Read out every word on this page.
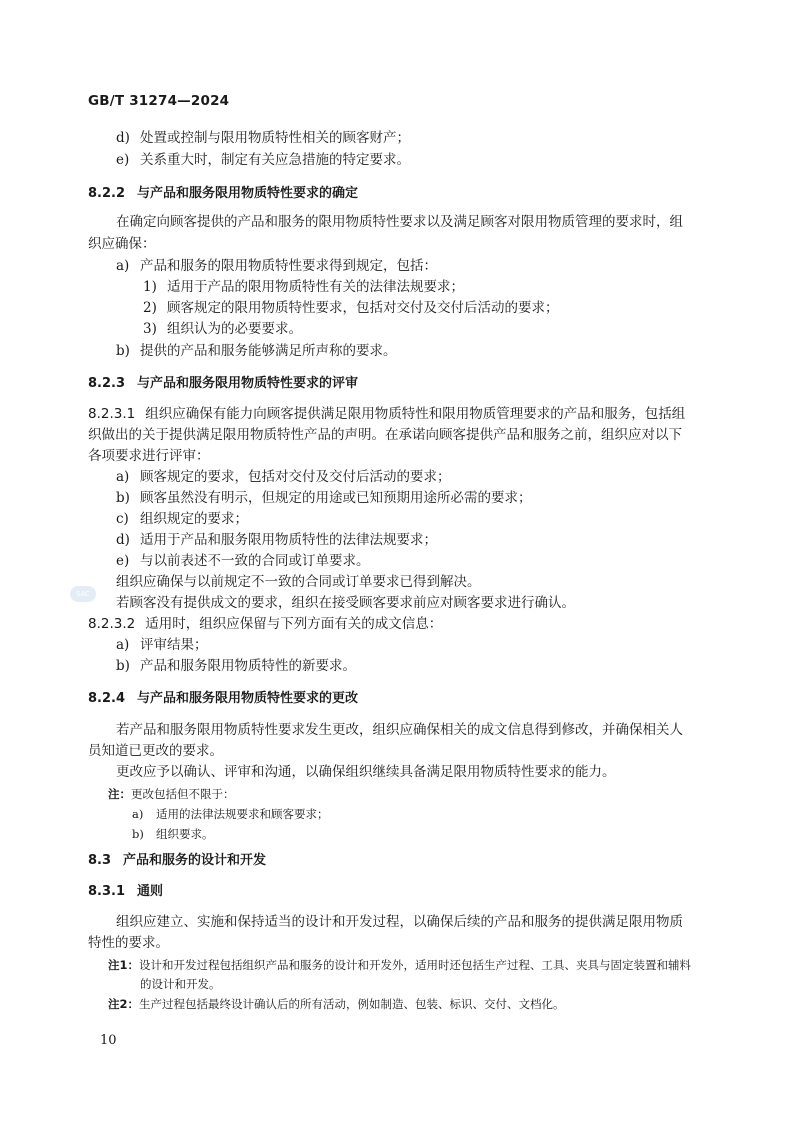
GB/T 31274—2024
d) 处置或控制与限用物质特性相关的顾客财产；
e) 关系重大时，制定有关应急措施的特定要求。
8.2.2 与产品和服务限用物质特性要求的确定
在确定向顾客提供的产品和服务的限用物质特性要求以及满足顾客对限用物质管理的要求时，组
织应确保：
a) 产品和服务的限用物质特性要求得到规定，包括：
1) 适用于产品的限用物质特性有关的法律法规要求；
2) 顾客规定的限用物质特性要求，包括对交付及交付后活动的要求；
3) 组织认为的必要要求。
b) 提供的产品和服务能够满足所声称的要求。
8.2.3 与产品和服务限用物质特性要求的评审
8.2.3.1 组织应确保有能力向顾客提供满足限用物质特性和限用物质管理要求的产品和服务，包括组
织做出的关于提供满足限用物质特性产品的声明。在承诺向顾客提供产品和服务之前，组织应对以下
各项要求进行评审：
a) 顾客规定的要求，包括对交付及交付后活动的要求；
b) 顾客虽然没有明示，但规定的用途或已知预期用途所必需的要求；
c) 组织规定的要求；
d) 适用于产品和服务限用物质特性的法律法规要求；
e) 与以前表述不一致的合同或订单要求。
组织应确保与以前规定不一致的合同或订单要求已得到解决。
SAC
若顾客没有提供成文的要求，组织在接受顾客要求前应对顾客要求进行确认。
8.2.3.2 适用时，组织应保留与下列方面有关的成文信息：
a) 评审结果；
b) 产品和服务限用物质特性的新要求。
8.2.4 与产品和服务限用物质特性要求的更改
若产品和服务限用物质特性要求发生更改，组织应确保相关的成文信息得到修改，并确保相关人
员知道已更改的要求。
更改应予以确认、评审和沟通，以确保组织继续具备满足限用物质特性要求的能力。
注：更改包括但不限于：
a) 适用的法律法规要求和顾客要求；
b) 组织要求。
8.3 产品和服务的设计和开发
8.3.1 通则
组织应建立、实施和保持适当的设计和开发过程，以确保后续的产品和服务的提供满足限用物质
特性的要求。
注1：设计和开发过程包括组织产品和服务的设计和开发外，适用时还包括生产过程、工具、夹具与固定装置和辅料
的设计和开发。
注2：生产过程包括最终设计确认后的所有活动，例如制造、包装、标识、交付、文档化。
10
